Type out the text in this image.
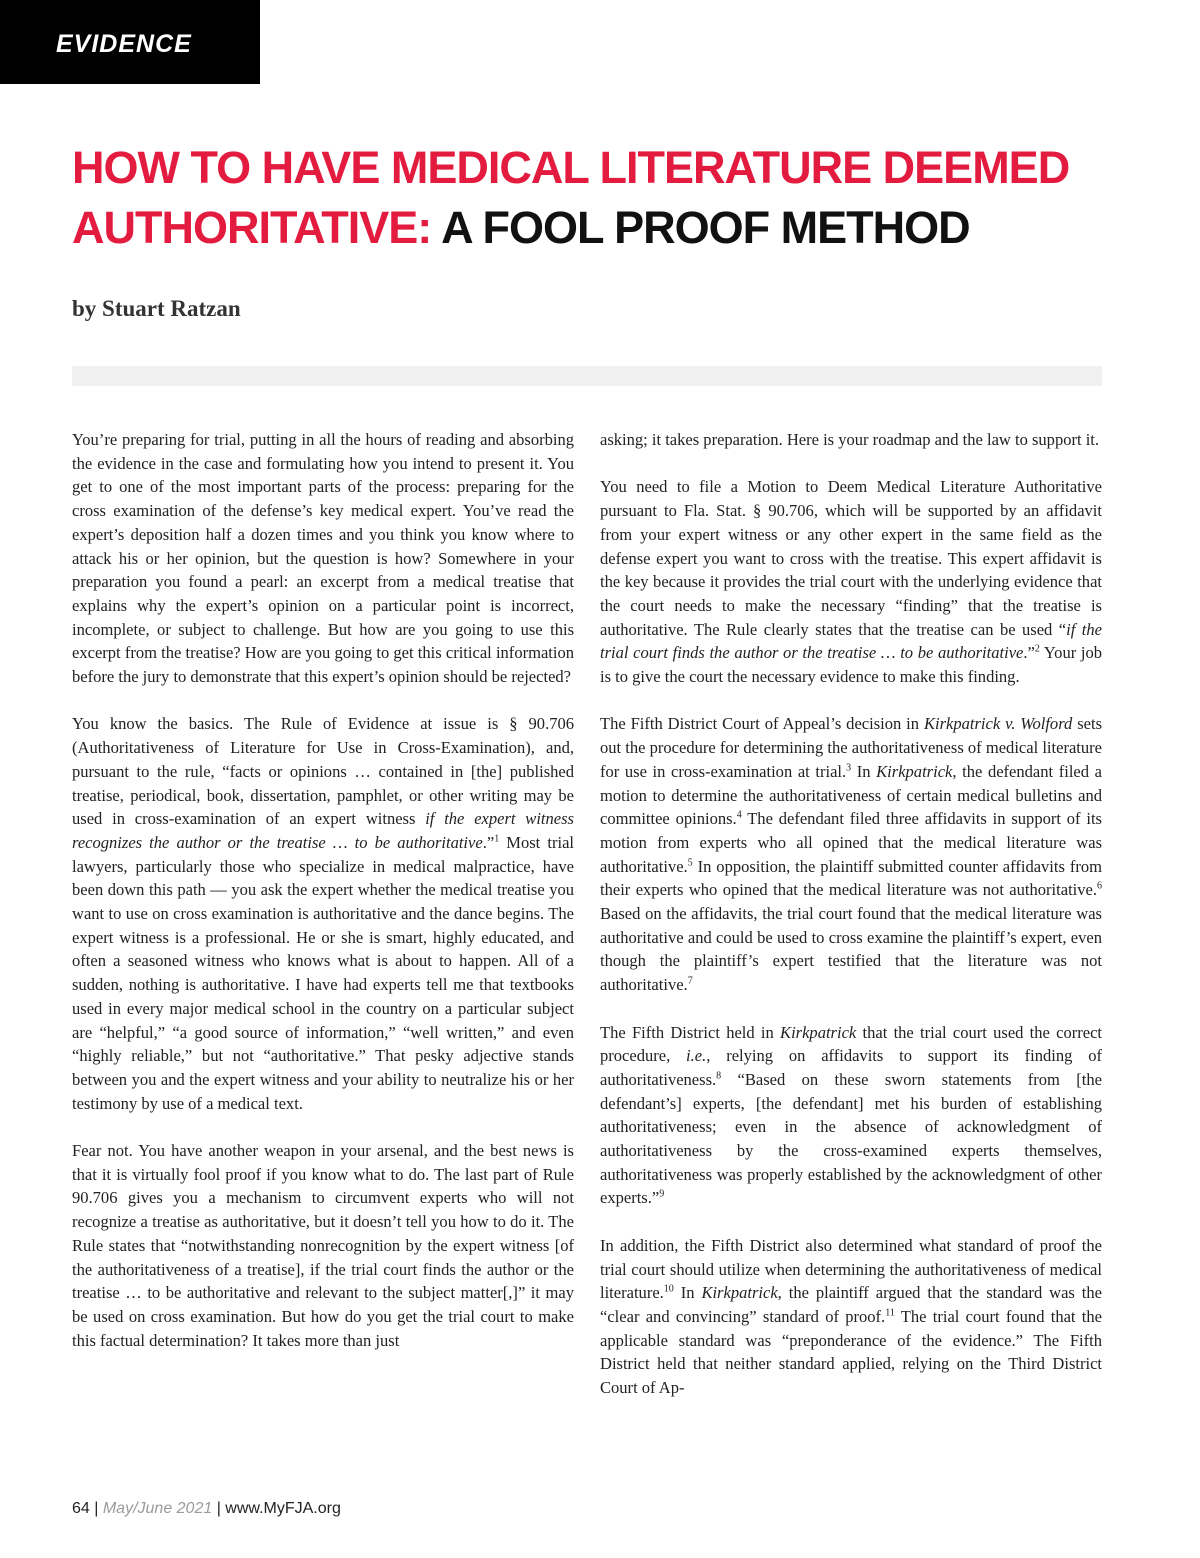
EVIDENCE
HOW TO HAVE MEDICAL LITERATURE DEEMED AUTHORITATIVE: A FOOL PROOF METHOD
by Stuart Ratzan

You’re preparing for trial, putting in all the hours of reading and absorbing the evidence in the case and formulating how you intend to present it. You get to one of the most important parts of the process: preparing for the cross examination of the defense’s key medical expert. You’ve read the expert’s deposition half a dozen times and you think you know where to attack his or her opinion, but the question is how? Somewhere in your preparation you found a pearl: an excerpt from a medical treatise that explains why the expert’s opinion on a particular point is incorrect, incomplete, or subject to challenge. But how are you going to use this excerpt from the treatise? How are you going to get this critical information before the jury to demonstrate that this expert’s opinion should be rejected?

You know the basics. The Rule of Evidence at issue is § 90.706 (Authoritativeness of Literature for Use in Cross-Examination), and, pursuant to the rule, “facts or opinions … contained in [the] published treatise, periodical, book, dissertation, pamphlet, or other writing may be used in cross-examination of an expert witness if the expert witness recognizes the author or the treatise … to be authoritative.”$^1$ Most trial lawyers, particularly those who specialize in medical malpractice, have been down this path — you ask the expert whether the medical treatise you want to use on cross examination is authoritative and the dance begins. The expert witness is a professional. He or she is smart, highly educated, and often a seasoned witness who knows what is about to happen. All of a sudden, nothing is authoritative. I have had experts tell me that textbooks used in every major medical school in the country on a particular subject are “helpful,” “a good source of information,” “well written,” and even “highly reliable,” but not “authoritative.” That pesky adjective stands between you and the expert witness and your ability to neutralize his or her testimony by use of a medical text.

Fear not. You have another weapon in your arsenal, and the best news is that it is virtually fool proof if you know what to do. The last part of Rule 90.706 gives you a mechanism to circumvent experts who will not recognize a treatise as authoritative, but it doesn’t tell you how to do it. The Rule states that “notwithstanding nonrecognition by the expert witness [of the authoritativeness of a treatise], if the trial court finds the author or the treatise … to be authoritative and relevant to the subject matter[,]” it may be used on cross examination. But how do you get the trial court to make this factual determination? It takes more than just

asking; it takes preparation. Here is your roadmap and the law to support it.

You need to file a Motion to Deem Medical Literature Authoritative pursuant to Fla. Stat. § 90.706, which will be supported by an affidavit from your expert witness or any other expert in the same field as the defense expert you want to cross with the treatise. This expert affidavit is the key because it provides the trial court with the underlying evidence that the court needs to make the necessary “finding” that the treatise is authoritative. The Rule clearly states that the treatise can be used “if the trial court finds the author or the treatise … to be authoritative.”$^2$ Your job is to give the court the necessary evidence to make this finding.

The Fifth District Court of Appeal’s decision in Kirkpatrick v. Wolford sets out the procedure for determining the authoritativeness of medical literature for use in cross-examination at trial.$^3$ In Kirkpatrick, the defendant filed a motion to determine the authoritativeness of certain medical bulletins and committee opinions.$^4$ The defendant filed three affidavits in support of its motion from experts who all opined that the medical literature was authoritative.$^5$ In opposition, the plaintiff submitted counter affidavits from their experts who opined that the medical literature was not authoritative.$^6$ Based on the affidavits, the trial court found that the medical literature was authoritative and could be used to cross examine the plaintiff’s expert, even though the plaintiff’s expert testified that the literature was not authoritative.$^7$

The Fifth District held in Kirkpatrick that the trial court used the correct procedure, i.e., relying on affidavits to support its finding of authoritativeness.$^8$ “Based on these sworn statements from [the defendant’s] experts, [the defendant] met his burden of establishing authoritativeness; even in the absence of acknowledgment of authoritativeness by the cross-examined experts themselves, authoritativeness was properly established by the acknowledgment of other experts.”$^9$

In addition, the Fifth District also determined what standard of proof the trial court should utilize when determining the authoritativeness of medical literature.$^{10}$ In Kirkpatrick, the plaintiff argued that the standard was the “clear and convincing” standard of proof.$^{11}$ The trial court found that the applicable standard was “preponderance of the evidence.” The Fifth District held that neither standard applied, relying on the Third District Court of Ap-

64 | May/June 2021 | www.MyFJA.org
